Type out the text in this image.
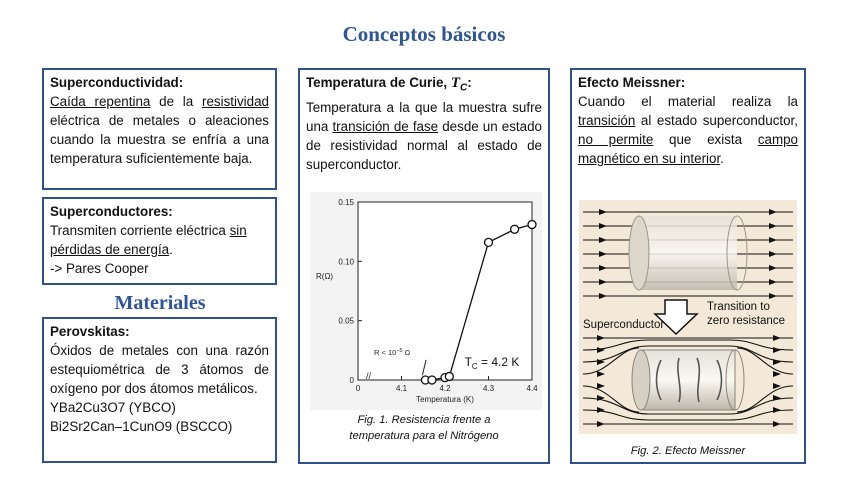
Conceptos básicos
Superconductividad:
Caída repentina de la resistividad eléctrica de metales o aleaciones cuando la muestra se enfría a una temperatura suficientemente baja.
Superconductores:
Transmiten corriente eléctrica sin pérdidas de energía.
-> Pares Cooper
Materiales
Perovskitas:
Óxidos de metales con una razón estequiométrica de 3 átomos de oxígeno por dos átomos metálicos.
YBa2Cu3O7 (YBCO)
Bi2Sr2Can–1CunO9 (BSCCO)
Temperatura de Curie, $T_C$:
Temperatura a la que la muestra sufre una transición de fase desde un estado de resistividad normal al estado de superconductor.
0
0.05
0.10
0.15
0	4.1	4.2	4.3	4.4
Temperatura (K)
R(Ω)
//
$R < 10^{-5}$ Ω
$T_C = 4.2$ K
Fig. 1. Resistencia frente a
temperatura para el Nitrógeno
Efecto Meissner:
Cuando el material realiza la transición al estado superconductor, no permite que exista campo magnético en su interior.
Transition to
zero resistance
Superconductor
Fig. 2. Efecto Meissner
